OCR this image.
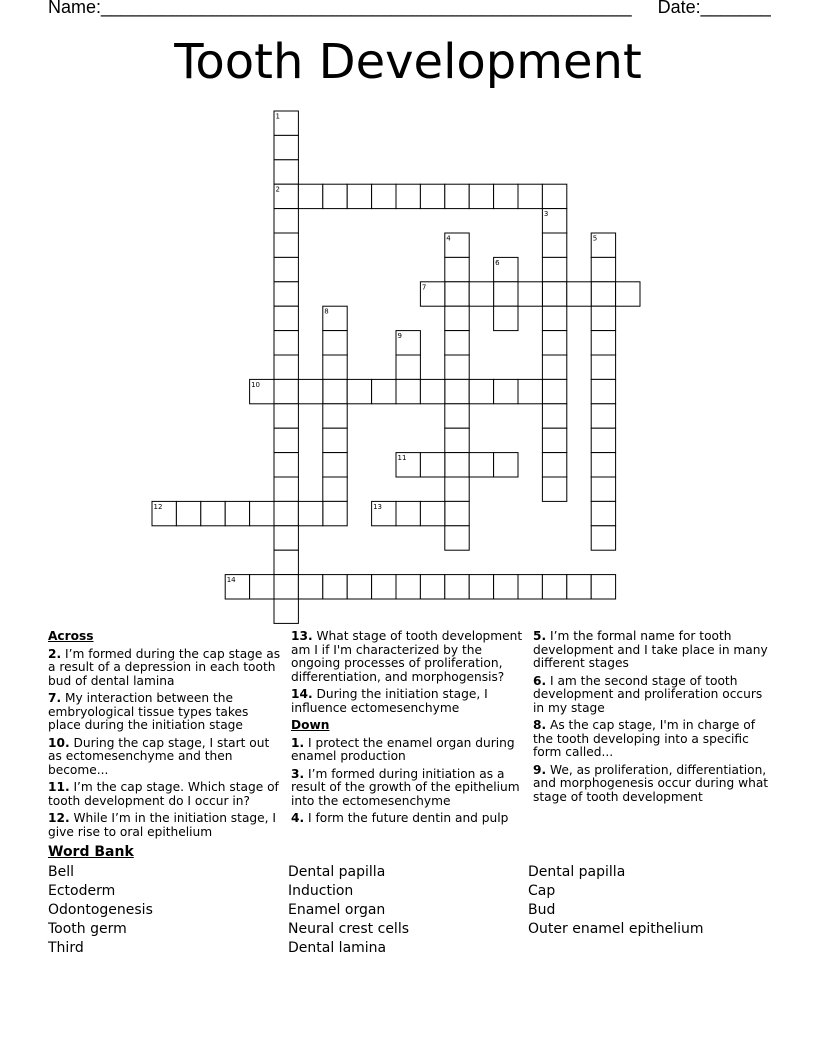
Name:_____________________________________________________ Date:_______
Tooth Development
1
2
3
4	5
6
7
8
9
10
11
12	13
14
Across
2. I’m formed during the cap stage as a result of a depression in each tooth bud of dental lamina
7. My interaction between the embryological tissue types takes place during the initiation stage
10. During the cap stage, I start out as ectomesenchyme and then become...
11. I’m the cap stage. Which stage of tooth development do I occur in?
12. While I’m in the initiation stage, I give rise to oral epithelium
13. What stage of tooth development am I if I'm characterized by the ongoing processes of proliferation, differentiation, and morphogensis?
14. During the initiation stage, I influence ectomesenchyme
Down
1. I protect the enamel organ during enamel production
3. I’m formed during initiation as a result of the growth of the epithelium into the ectomesenchyme
4. I form the future dentin and pulp
5. I’m the formal name for tooth development and I take place in many different stages
6. I am the second stage of tooth development and proliferation occurs in my stage
8. As the cap stage, I'm in charge of the tooth developing into a specific form called...
9. We, as proliferation, differentiation, and morphogenesis occur during what stage of tooth development
Word Bank
Bell
Ectoderm
Odontogenesis
Tooth germ
Third
Dental papilla
Induction
Enamel organ
Neural crest cells
Dental lamina
Dental papilla
Cap
Bud
Outer enamel epithelium
